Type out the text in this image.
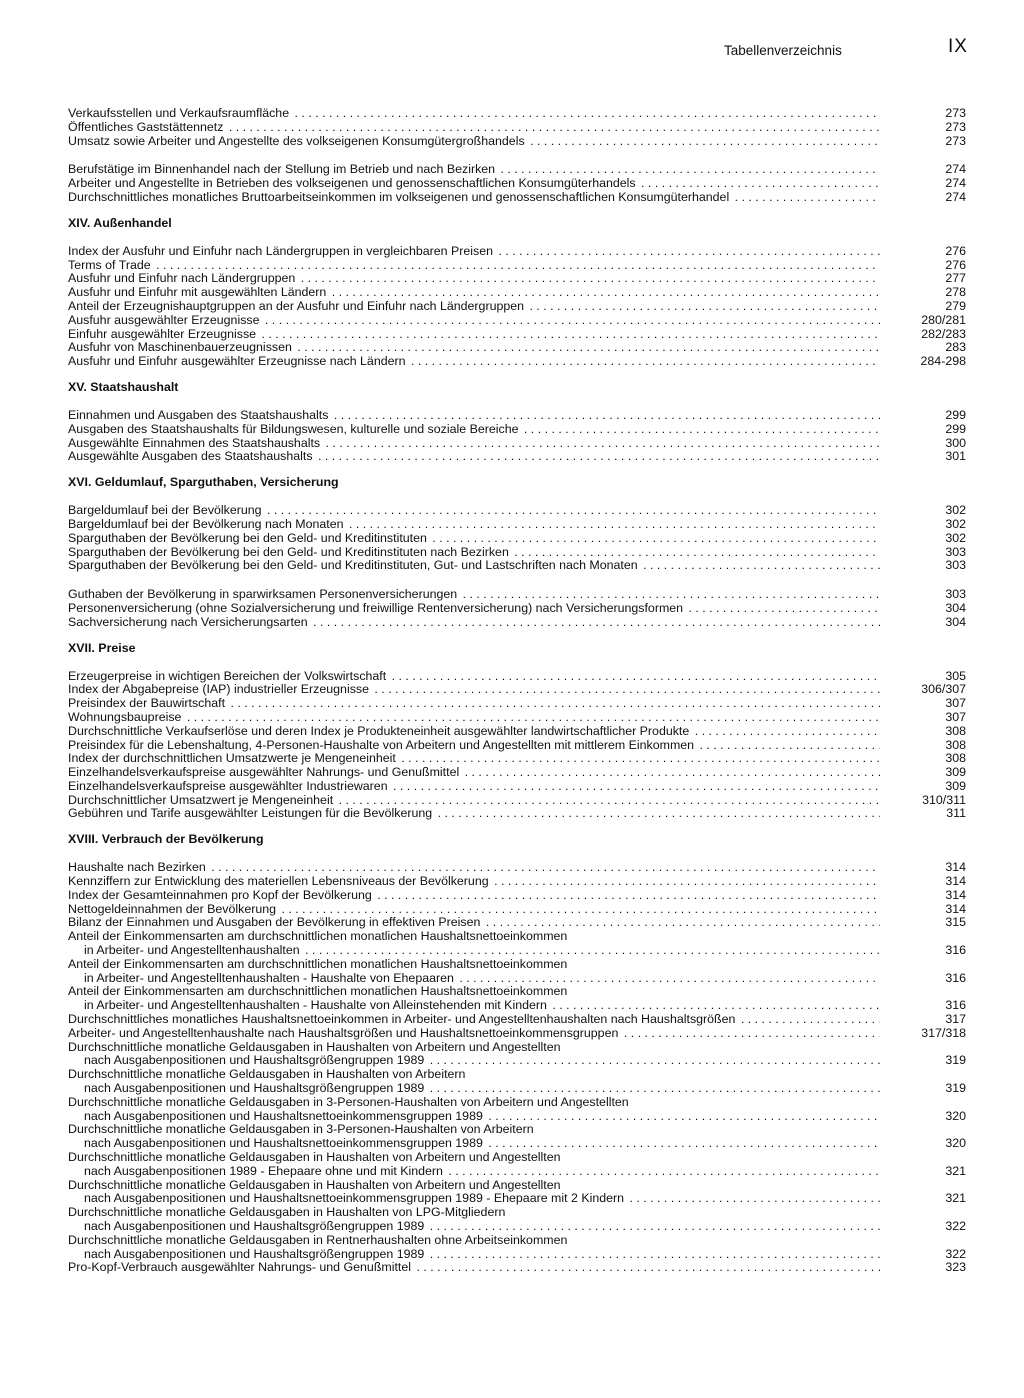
Tabellenverzeichnis	IX
Verkaufsstellen und Verkaufsraumfläche . . .	273
Öffentliches Gaststättennetz . . .	273
Umsatz sowie Arbeiter und Angestellte des volkseigenen Konsumgütergroßhandels . . .	273
Berufstätige im Binnenhandel nach der Stellung im Betrieb und nach Bezirken . . .	274
Arbeiter und Angestellte in Betrieben des volkseigenen und genossenschaftlichen Konsumgüterhandels . . .	274
Durchschnittliches monatliches Bruttoarbeitseinkommen im volkseigenen und genossenschaftlichen Konsumgüterhandel . . .	274
XIV. Außenhandel
Index der Ausfuhr und Einfuhr nach Ländergruppen in vergleichbaren Preisen . . .	276
Terms of Trade . . .	276
Ausfuhr und Einfuhr nach Ländergruppen . . .	277
Ausfuhr und Einfuhr mit ausgewählten Ländern . . .	278
Anteil der Erzeugnishauptgruppen an der Ausfuhr und Einfuhr nach Ländergruppen . . .	279
Ausfuhr ausgewählter Erzeugnisse . . .	280/281
Einfuhr ausgewählter Erzeugnisse . . .	282/283
Ausfuhr von Maschinenbauerzeugnissen . . .	283
Ausfuhr und Einfuhr ausgewählter Erzeugnisse nach Ländern . . .	284-298
XV. Staatshaushalt
Einnahmen und Ausgaben des Staatshaushalts . . .	299
Ausgaben des Staatshaushalts für Bildungswesen, kulturelle und soziale Bereiche . . .	299
Ausgewählte Einnahmen des Staatshaushalts . . .	300
Ausgewählte Ausgaben des Staatshaushalts . . .	301
XVI. Geldumlauf, Sparguthaben, Versicherung
Bargeldumlauf bei der Bevölkerung . . .	302
Bargeldumlauf bei der Bevölkerung nach Monaten . . .	302
Sparguthaben der Bevölkerung bei den Geld- und Kreditinstituten . . .	302
Sparguthaben der Bevölkerung bei den Geld- und Kreditinstituten nach Bezirken . . .	303
Sparguthaben der Bevölkerung bei den Geld- und Kreditinstituten, Gut- und Lastschriften nach Monaten . . .	303
Guthaben der Bevölkerung in sparwirksamen Personenversicherungen . . .	303
Personenversicherung (ohne Sozialversicherung und freiwillige Rentenversicherung) nach Versicherungsformen . . .	304
Sachversicherung nach Versicherungsarten . . .	304
XVII. Preise
Erzeugerpreise in wichtigen Bereichen der Volkswirtschaft . . .	305
Index der Abgabepreise (IAP) industrieller Erzeugnisse . . .	306/307
Preisindex der Bauwirtschaft . . .	307
Wohnungsbaupreise . . .	307
Durchschnittliche Verkaufserlöse und deren Index je Produkteneinheit ausgewählter landwirtschaftlicher Produkte . . .	308
Preisindex für die Lebenshaltung, 4-Personen-Haushalte von Arbeitern und Angestellten mit mittlerem Einkommen . . .	308
Index der durchschnittlichen Umsatzwerte je Mengeneinheit . . .	308
Einzelhandelsverkaufspreise ausgewählter Nahrungs- und Genußmittel . . .	309
Einzelhandelsverkaufspreise ausgewählter Industriewaren . . .	309
Durchschnittlicher Umsatzwert je Mengeneinheit . . .	310/311
Gebühren und Tarife ausgewählter Leistungen für die Bevölkerung . . .	311
XVIII. Verbrauch der Bevölkerung
Haushalte nach Bezirken . . .	314
Kennziffern zur Entwicklung des materiellen Lebensniveaus der Bevölkerung . . .	314
Index der Gesamteinnahmen pro Kopf der Bevölkerung . . .	314
Nettogeldeinnahmen der Bevölkerung . . .	314
Bilanz der Einnahmen und Ausgaben der Bevölkerung in effektiven Preisen . . .	315
Anteil der Einkommensarten am durchschnittlichen monatlichen Haushaltsnettoeinkommen
in Arbeiter- und Angestelltenhaushalten . . .	316
Anteil der Einkommensarten am durchschnittlichen monatlichen Haushaltsnettoeinkommen
in Arbeiter- und Angestelltenhaushalten - Haushalte von Ehepaaren . . .	316
Anteil der Einkommensarten am durchschnittlichen monatlichen Haushaltsnettoeinkommen
in Arbeiter- und Angestelltenhaushalten - Haushalte von Alleinstehenden mit Kindern . . .	316
Durchschnittliches monatliches Haushaltsnettoeinkommen in Arbeiter- und Angestelltenhaushalten nach Haushaltsgrößen . . .	317
Arbeiter- und Angestelltenhaushalte nach Haushaltsgrößen und Haushaltsnettoeinkommensgruppen . . .	317/318
Durchschnittliche monatliche Geldausgaben in Haushalten von Arbeitern und Angestellten
nach Ausgabenpositionen und Haushaltsgrößengruppen 1989 . . .	319
Durchschnittliche monatliche Geldausgaben in Haushalten von Arbeitern
nach Ausgabenpositionen und Haushaltsgrößengruppen 1989 . . .	319
Durchschnittliche monatliche Geldausgaben in 3-Personen-Haushalten von Arbeitern und Angestellten
nach Ausgabenpositionen und Haushaltsnettoeinkommensgruppen 1989 . . .	320
Durchschnittliche monatliche Geldausgaben in 3-Personen-Haushalten von Arbeitern
nach Ausgabenpositionen und Haushaltsnettoeinkommensgruppen 1989 . . .	320
Durchschnittliche monatliche Geldausgaben in Haushalten von Arbeitern und Angestellten
nach Ausgabenpositionen 1989 - Ehepaare ohne und mit Kindern . . .	321
Durchschnittliche monatliche Geldausgaben in Haushalten von Arbeitern und Angestellten
nach Ausgabenpositionen und Haushaltsnettoeinkommensgruppen 1989 - Ehepaare mit 2 Kindern . . .	321
Durchschnittliche monatliche Geldausgaben in Haushalten von LPG-Mitgliedern
nach Ausgabenpositionen und Haushaltsgrößengruppen 1989 . . .	322
Durchschnittliche monatliche Geldausgaben in Rentnerhaushalten ohne Arbeitseinkommen
nach Ausgabenpositionen und Haushaltsgrößengruppen 1989 . . .	322
Pro-Kopf-Verbrauch ausgewählter Nahrungs- und Genußmittel . . .	323
